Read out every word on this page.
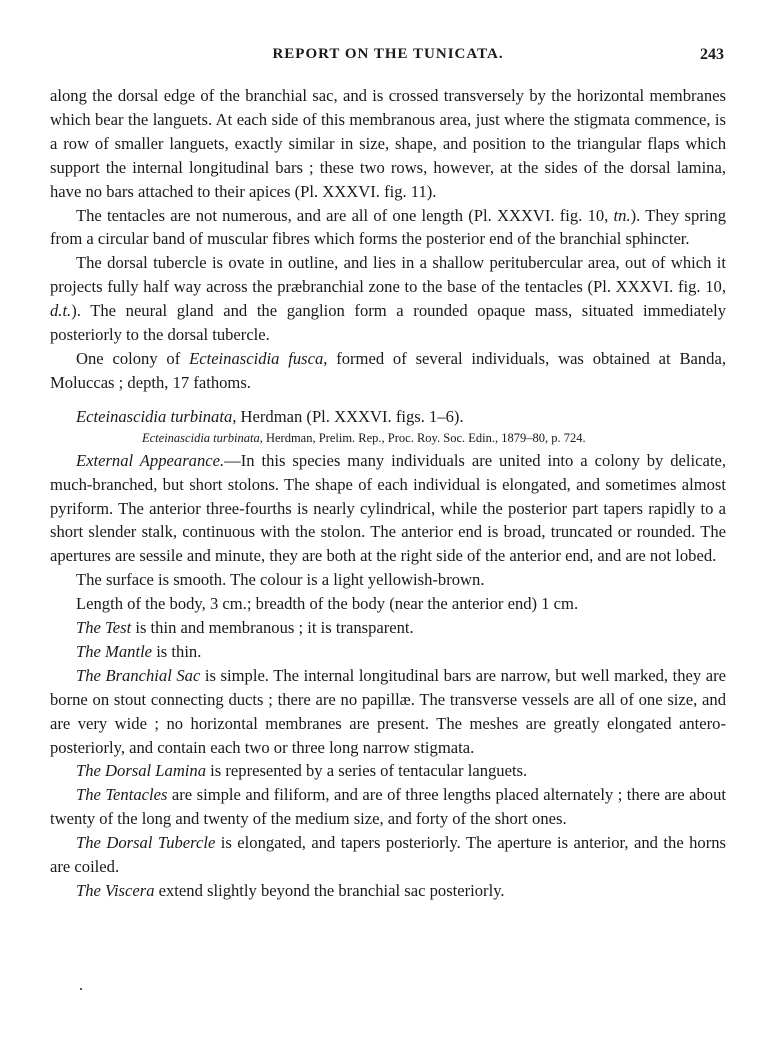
REPORT ON THE TUNICATA.	243

along the dorsal edge of the branchial sac, and is crossed transversely by the horizontal membranes which bear the languets. At each side of this membranous area, just where the stigmata commence, is a row of smaller languets, exactly similar in size, shape, and position to the triangular flaps which support the internal longitudinal bars ; these two rows, however, at the sides of the dorsal lamina, have no bars attached to their apices (Pl. XXXVI. fig. 11).

The tentacles are not numerous, and are all of one length (Pl. XXXVI. fig. 10, tn.). They spring from a circular band of muscular fibres which forms the posterior end of the branchial sphincter.

The dorsal tubercle is ovate in outline, and lies in a shallow peritubercular area, out of which it projects fully half way across the præbranchial zone to the base of the tentacles (Pl. XXXVI. fig. 10, d.t.). The neural gland and the ganglion form a rounded opaque mass, situated immediately posteriorly to the dorsal tubercle.

One colony of Ecteinascidia fusca, formed of several individuals, was obtained at Banda, Moluccas ; depth, 17 fathoms.

Ecteinascidia turbinata, Herdman (Pl. XXXVI. figs. 1–6).

Ecteinascidia turbinata, Herdman, Prelim. Rep., Proc. Roy. Soc. Edin., 1879–80, p. 724.

External Appearance.—In this species many individuals are united into a colony by delicate, much-branched, but short stolons. The shape of each individual is elongated, and sometimes almost pyriform. The anterior three-fourths is nearly cylindrical, while the posterior part tapers rapidly to a short slender stalk, continuous with the stolon. The anterior end is broad, truncated or rounded. The apertures are sessile and minute, they are both at the right side of the anterior end, and are not lobed.

The surface is smooth. The colour is a light yellowish-brown.

Length of the body, 3 cm.; breadth of the body (near the anterior end) 1 cm.

The Test is thin and membranous ; it is transparent.

The Mantle is thin.

The Branchial Sac is simple. The internal longitudinal bars are narrow, but well marked, they are borne on stout connecting ducts ; there are no papillæ. The transverse vessels are all of one size, and are very wide ; no horizontal membranes are present. The meshes are greatly elongated antero-posteriorly, and contain each two or three long narrow stigmata.

The Dorsal Lamina is represented by a series of tentacular languets.

The Tentacles are simple and filiform, and are of three lengths placed alternately ; there are about twenty of the long and twenty of the medium size, and forty of the short ones.

The Dorsal Tubercle is elongated, and tapers posteriorly. The aperture is anterior, and the horns are coiled.

The Viscera extend slightly beyond the branchial sac posteriorly.
